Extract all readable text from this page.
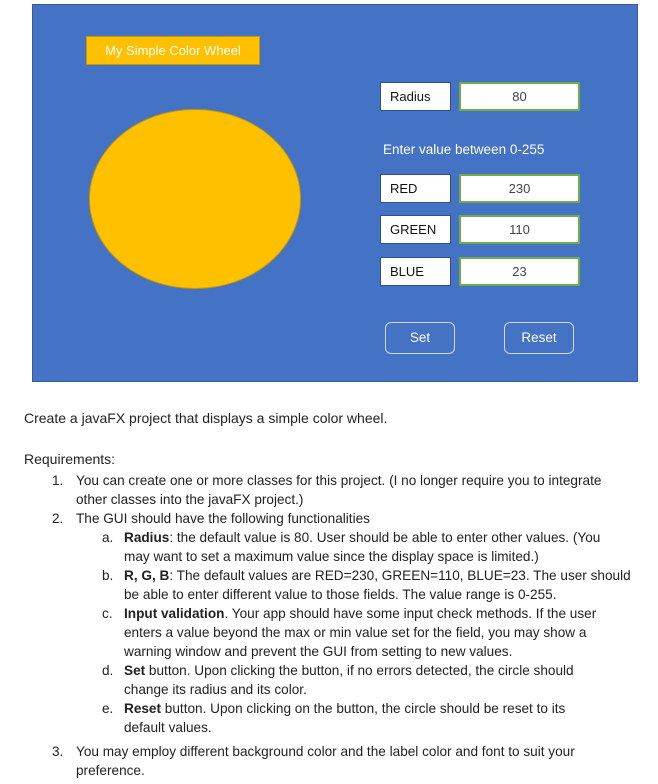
My Simple Color Wheel
Radius	80
Enter value between 0-255
RED	230
GREEN	110
BLUE	23
Set	Reset
Create a javaFX project that displays a simple color wheel.
Requirements:
1. You can create one or more classes for this project. (I no longer require you to integrate
other classes into the javaFX project.)
2. The GUI should have the following functionalities
a. Radius: the default value is 80. User should be able to enter other values. (You
may want to set a maximum value since the display space is limited.)
b. R, G, B: The default values are RED=230, GREEN=110, BLUE=23. The user should
be able to enter different value to those fields. The value range is 0-255.
c. Input validation. Your app should have some input check methods. If the user
enters a value beyond the max or min value set for the field, you may show a
warning window and prevent the GUI from setting to new values.
d. Set button. Upon clicking the button, if no errors detected, the circle should
change its radius and its color.
e. Reset button. Upon clicking on the button, the circle should be reset to its
default values.
3. You may employ different background color and the label color and font to suit your
preference.
